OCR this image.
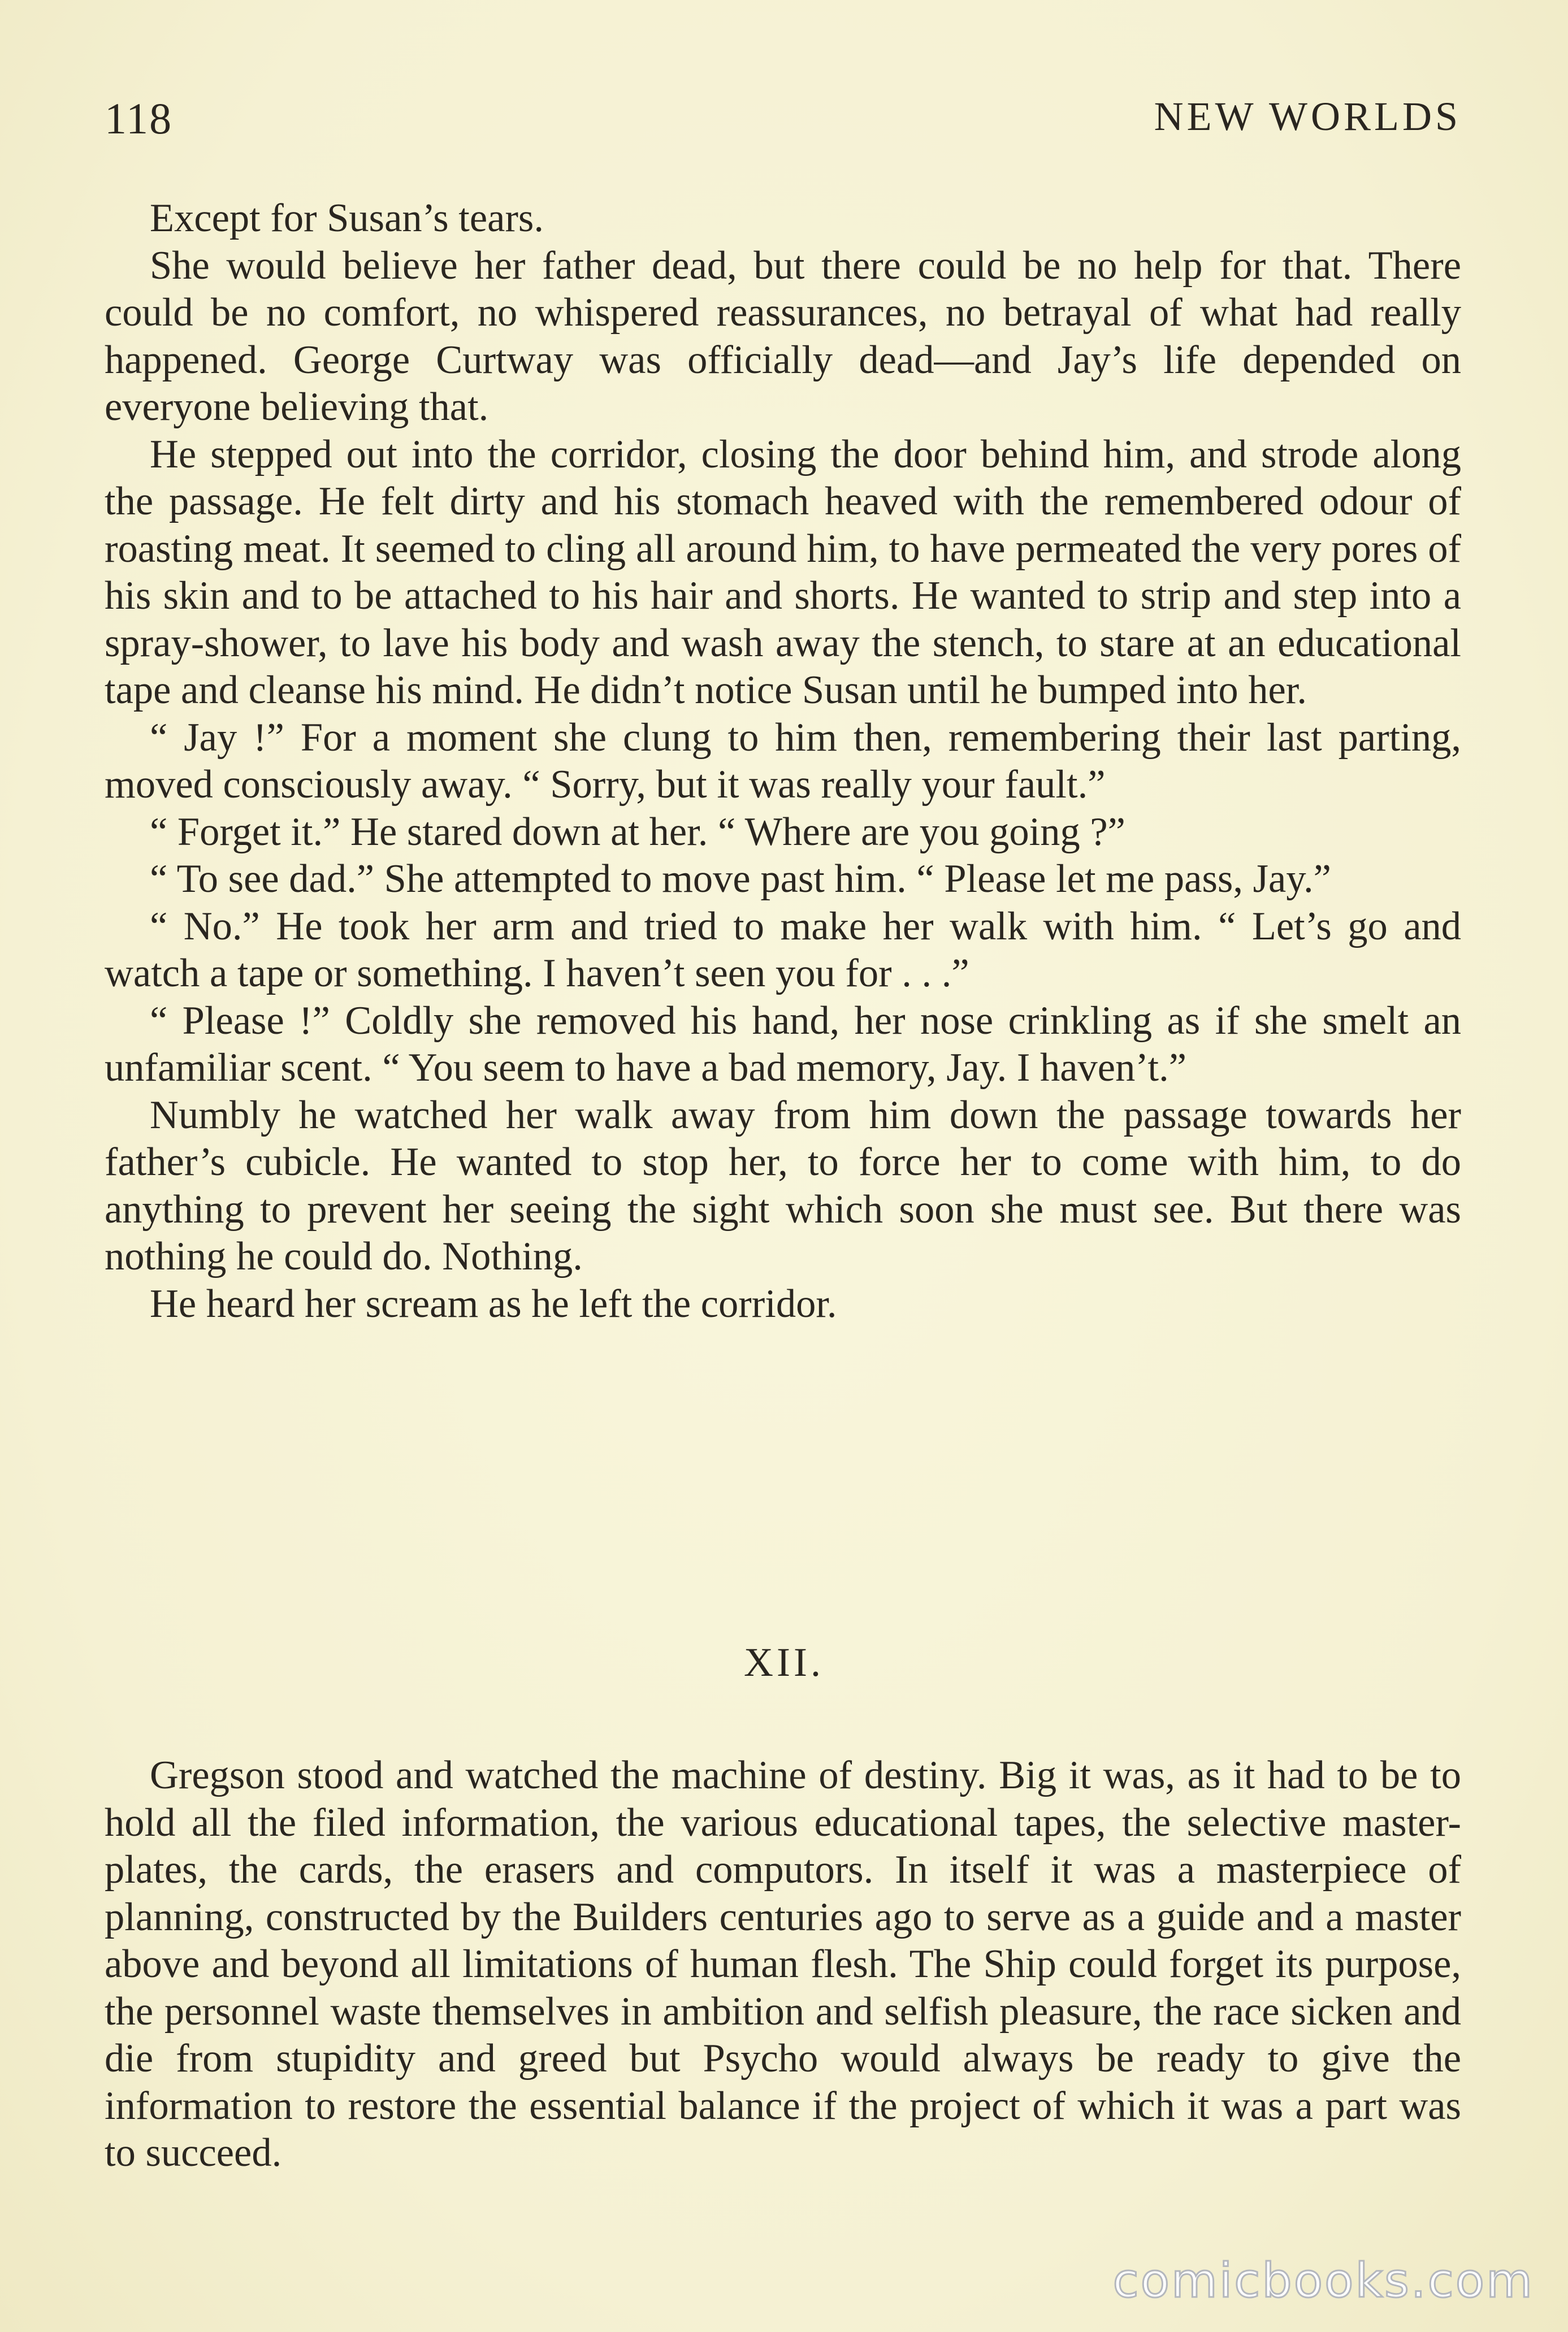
118	NEW WORLDS

Except for Susan’s tears.

She would believe her father dead, but there could be no help for that. There could be no comfort, no whispered reassurances, no betrayal of what had really happened. George Curtway was officially dead—and Jay’s life depended on everyone believing that.

He stepped out into the corridor, closing the door behind him, and strode along the passage. He felt dirty and his stomach heaved with the remembered odour of roasting meat. It seemed to cling all around him, to have permeated the very pores of his skin and to be attached to his hair and shorts. He wanted to strip and step into a spray-shower, to lave his body and wash away the stench, to stare at an educational tape and cleanse his mind. He didn’t notice Susan until he bumped into her.

“ Jay !” For a moment she clung to him then, remembering their last parting, moved consciously away. “ Sorry, but it was really your fault.”

“ Forget it.” He stared down at her. “ Where are you going ?”

“ To see dad.” She attempted to move past him. “ Please let me pass, Jay.”

“ No.” He took her arm and tried to make her walk with him. “ Let’s go and watch a tape or something. I haven’t seen you for . . .”

“ Please !” Coldly she removed his hand, her nose crinkling as if she smelt an unfamiliar scent. “ You seem to have a bad memory, Jay. I haven’t.”

Numbly he watched her walk away from him down the passage towards her father’s cubicle. He wanted to stop her, to force her to come with him, to do anything to prevent her seeing the sight which soon she must see. But there was nothing he could do. Nothing.

He heard her scream as he left the corridor.

XII.

Gregson stood and watched the machine of destiny. Big it was, as it had to be to hold all the filed information, the various educational tapes, the selective master-plates, the cards, the erasers and computors. In itself it was a masterpiece of planning, constructed by the Builders centuries ago to serve as a guide and a master above and beyond all limitations of human flesh. The Ship could forget its purpose, the personnel waste themselves in ambition and selfish pleasure, the race sicken and die from stupidity and greed but Psycho would always be ready to give the information to restore the essential balance if the project of which it was a part was to succeed.

comicbooks.com
